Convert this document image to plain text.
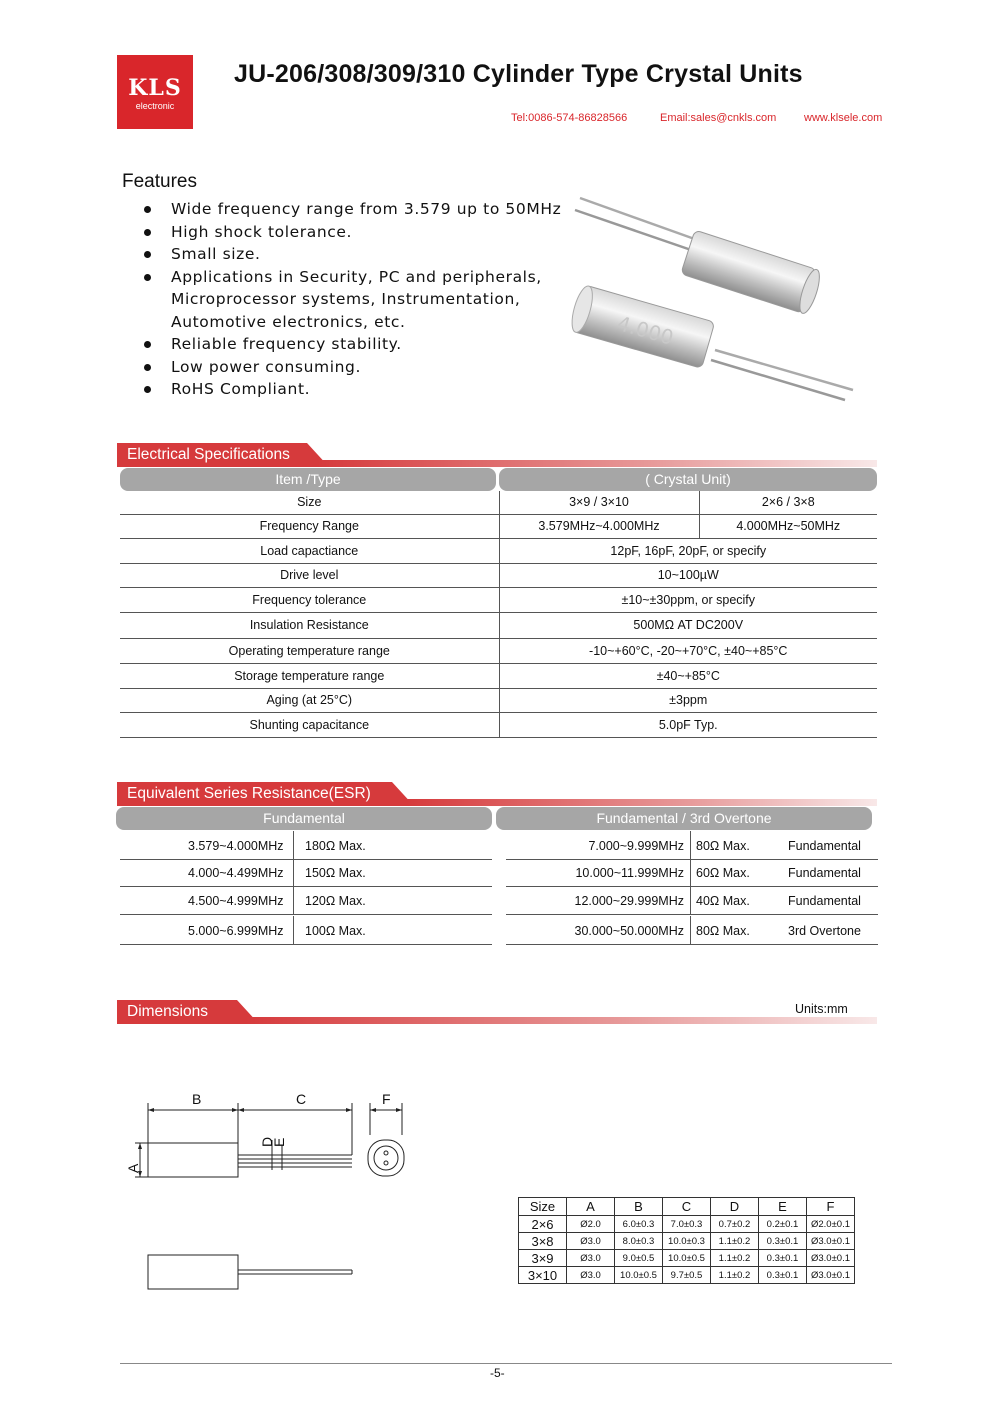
KLS
electronic
JU-206/308/309/310 Cylinder Type Crystal Units
Tel:0086-574-86828566	Email:sales@cnkls.com	www.klsele.com
Features
Wide frequency range from 3.579 up to 50MHz
High shock tolerance.
Small size.
Applications in Security, PC and peripherals,
Microprocessor systems, Instrumentation,
Automotive electronics, etc.
Reliable frequency stability.
Low power consuming.
RoHS Compliant.
4.000
Electrical Specifications
Item /Type	( Crystal Unit)
Size	3×9 / 3×10	2×6 / 3×8
Frequency Range	3.579MHz~4.000MHz	4.000MHz~50MHz
Load capactiance	12pF, 16pF, 20pF, or specify	
Drive level	10~100µW	
Frequency tolerance	±10~±30ppm, or specify	
Insulation Resistance	500MΩ AT DC200V	
Operating temperature range	-10~+60°C, -20~+70°C, ±40~+85°C	
Storage temperature range	±40~+85°C	
Aging (at 25°C)	±3ppm	
Shunting capacitance	5.0pF Typ.	
Equivalent Series Resistance(ESR)
Fundamental	Fundamental / 3rd Overtone
3.579~4.000MHz 180Ω Max.
4.000~4.499MHz 150Ω Max.
4.500~4.999MHz 120Ω Max.
5.000~6.999MHz 100Ω Max.
7.000~9.999MHz 80Ω Max.	Fundamental
10.000~11.999MHz 60Ω Max.	Fundamental
12.000~29.999MHz 40Ω Max.	Fundamental
30.000~50.000MHz 80Ω Max.	3rd Overtone
Dimensions	Units:mm
B	C	F
A
D
E
Size	A	B	C	D	E	F
2×6	Ø2.0	6.0±0.3	7.0±0.3	0.7±0.2	0.2±0.1	Ø2.0±0.1
3×8	Ø3.0	8.0±0.3	10.0±0.3	1.1±0.2	0.3±0.1	Ø3.0±0.1
3×9	Ø3.0	9.0±0.5	10.0±0.5	1.1±0.2	0.3±0.1	Ø3.0±0.1
3×10	Ø3.0	10.0±0.5	9.7±0.5	1.1±0.2	0.3±0.1	Ø3.0±0.1
-5-
